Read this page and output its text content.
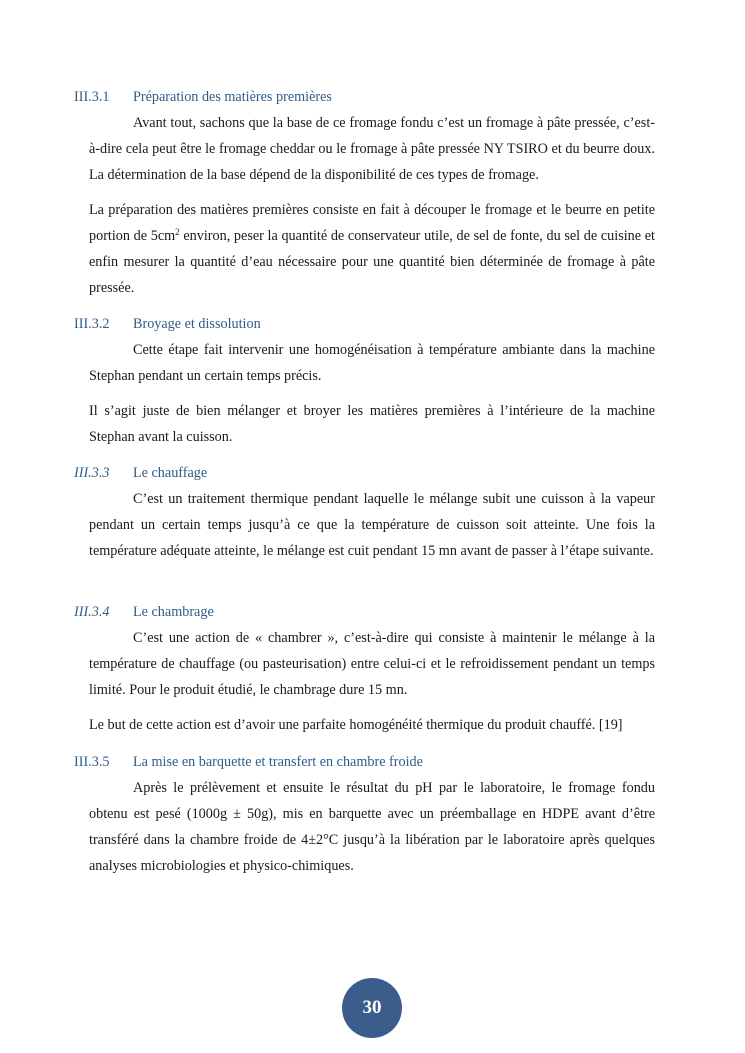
III.3.1 Préparation des matières premières

Avant tout, sachons que la base de ce fromage fondu c’est un fromage à pâte pressée, c’est-à-dire cela peut être le fromage cheddar ou le fromage à pâte pressée NY TSIRO et du beurre doux. La détermination de la base dépend de la disponibilité de ces types de fromage.

La préparation des matières premières consiste en fait à découper le fromage et le beurre en petite portion de $5cm^2$ environ, peser la quantité de conservateur utile, de sel de fonte, du sel de cuisine et enfin mesurer la quantité d’eau nécessaire pour une quantité bien déterminée de fromage à pâte pressée.

III.3.2 Broyage et dissolution

Cette étape fait intervenir une homogénéisation à température ambiante dans la machine Stephan pendant un certain temps précis.

Il s’agit juste de bien mélanger et broyer les matières premières à l’intérieure de la machine Stephan avant la cuisson.

III.3.3 Le chauffage

C’est un traitement thermique pendant laquelle le mélange subit une cuisson à la vapeur pendant un certain temps jusqu’à ce que la température de cuisson soit atteinte. Une fois la température adéquate atteinte, le mélange est cuit pendant 15 mn avant de passer à l’étape suivante.

III.3.4 Le chambrage

C’est une action de « chambrer », c’est-à-dire qui consiste à maintenir le mélange à la température de chauffage (ou pasteurisation) entre celui-ci et le refroidissement pendant un temps limité. Pour le produit étudié, le chambrage dure 15 mn.

Le but de cette action est d’avoir une parfaite homogénéité thermique du produit chauffé. [19]

III.3.5 La mise en barquette et transfert en chambre froide

Après le prélèvement et ensuite le résultat du pH par le laboratoire, le fromage fondu obtenu est pesé (1000g ± 50g), mis en barquette avec un préemballage en HDPE avant d’être transféré dans la chambre froide de 4±2°C jusqu’à la libération par le laboratoire après quelques analyses microbiologies et physico-chimiques.

30
